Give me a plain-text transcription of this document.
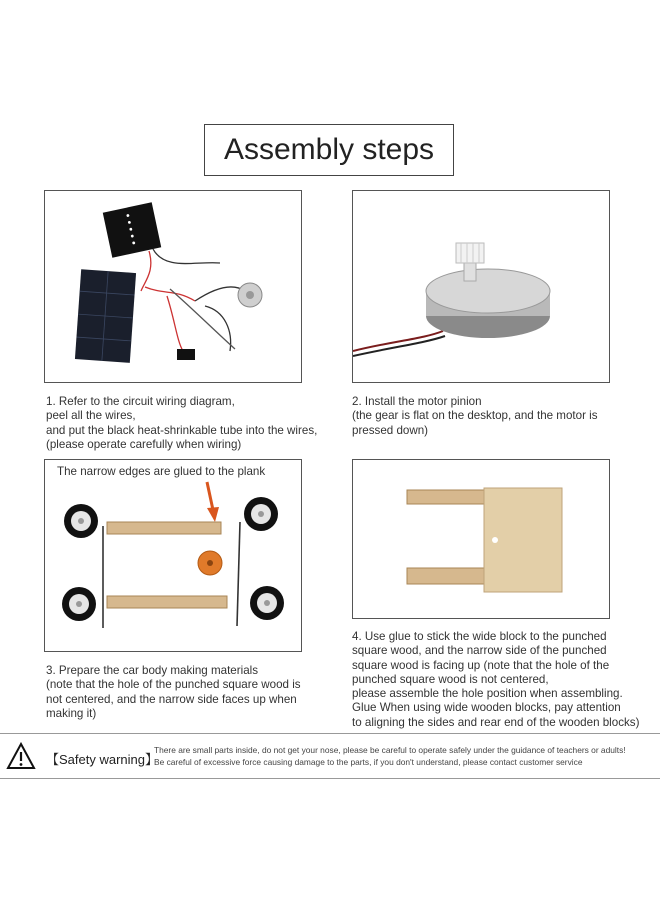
Assembly steps
The narrow edges are glued to the plank
1. Refer to the circuit wiring diagram,
peel all the wires,
and put the black heat-shrinkable tube into the wires,
(please operate carefully when wiring)
2. Install the motor pinion
(the gear is flat on the desktop, and the motor is
pressed down)
3. Prepare the car body making materials
(note that the hole of the punched square wood is
not centered, and the narrow side faces up when
making it)
4. Use glue to stick the wide block to the punched
square wood, and the narrow side of the punched
square wood is facing up (note that the hole of the
punched square wood is not centered,
please assemble the hole position when assembling.
Glue When using wide wooden blocks, pay attention
to aligning the sides and rear end of the wooden blocks)
【Safety warning】
There are small parts inside, do not get your nose, please be careful to operate safely under the guidance of teachers or adults!
Be careful of excessive force causing damage to the parts, if you don't understand, please contact customer service
